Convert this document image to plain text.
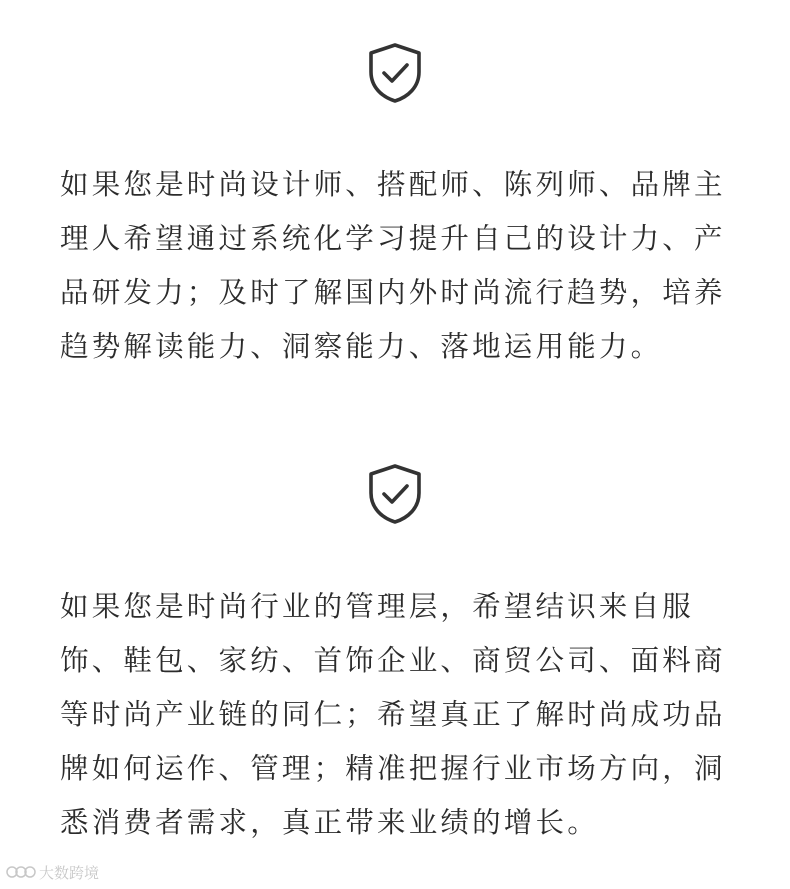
如果您是时尚设计师、搭配师、陈列师、品牌主理人希望通过系统化学习提升自己的设计力、产品研发力；及时了解国内外时尚流行趋势，培养趋势解读能力、洞察能力、落地运用能力。

如果您是时尚行业的管理层，希望结识来自服饰、鞋包、家纺、首饰企业、商贸公司、面料商等时尚产业链的同仁；希望真正了解时尚成功品牌如何运作、管理；精准把握行业市场方向，洞悉消费者需求，真正带来业绩的增长。

大数跨境
